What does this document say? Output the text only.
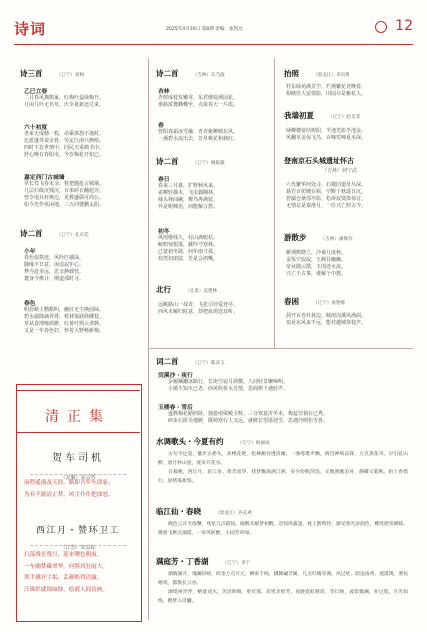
诗词	2025年4月30日 第8期 责编：张凯达	12
诗三首	（辽宁）刘梅
乙巳立春
二月春风拂鹊巢，红梅吐蕊绿梅开。
月闲几叶无名草，庆幸夏新还过来。
六十初度
老来无成憾一枚，命乘休怨不逢时。
比游蓬外说余骨，劳定江南只俩哨。
四时不怠世情中，同民天重鹤书中。
舒心晚有春阳屯，今岁梅花开如已。
嘉定西门古城墙
草长莺飞春末余，枕把抛抢古城墙。
几层石级沉残沉，百米砖衣翻起旁。
曾令甩兵杆换边，更教盛儒可尚公。
如今光作休闲地，三五同婆鹏太阳。
诗二首	（辽宁）孔庆佳
小年
春色似拱迹，风吟匹感深。
随缘平日意，闲适寂年心。
梦弄赶多远，思亲静载忱。
寰身今携计，期道那时寻。
春色
明眉嵯上鹦鹉叫，幽径无尘换园绿。
碧水潺降滴养尊，枕林鉴跃绕碟枝。
草从春理啼烦渺，红黄叶熟云翠静。
又是一年春色好，怀着大野畅新梅。
诗二首	（吉林）东乃波
杏林
杏树成枝发嫩芽，东君催绽满园花。
谁路浓鸯蜂蝶至，点染春天一片霞。
春
曾阳春霜冰雪融，青青秘柳鹤东风。
一溪碧水流出去，芳草桃花和秧红。
诗二首	（辽宁）姚振毅
春日
春来三月暮，扩野秋风来。
雀柳轻描木，飞虫偶翱林。
墟头林间碗，燎鸟再满留。
异是呢喃语，而能解言愁。
初冬
风雨催残久，村山满眼枯。
鲸鸦惊恨落，藏咋守寒株。
已蒙初冬降，何年雨寸孤。
炊然切朗富，苦是会鸿嘴。
北行	（甘肃）袁建林
远眺路山一抹青，飞花引径爱登亭。
西风未解归时意，却把血鸿送耳听。
抬照	（黑龙江）李向鲁
村东绿苑满芳尘，烂漫繁花竞晚春。
相映佳人留倩影，田园尽是紫花人。
我墙初夏	（辽宁）赵美菲
绿柳婆娑结树阴，半池光影半池金。
风翻草盖惊飞鸟，百啼莺啼夏未深。
登南京石头城遗址怀古
（吉林）何宁武
六代繁华何处寻，石城旧道草丛深。
悬岩百仞矮台顾，空断千秋遥日沉。
曾鄙仓桑邻亭影，松涛寂寞体惊音。
无情总是秦淮月，一任兴亡照古今。
游散步	（吉林）潘俊玲
紫荆熊晓立，冷桑几度秋。
金鉴空寂寂，玉阙目幽幽。
帝业随云散，玉围迹水流。
兴亡千古事，谁解个中愁。
春困	（辽宁）詹艳辉
洞开百卷杜林边，倾雨沟溪风满面。
知是东风来不远，能村越城寒枝声。
清正集
贺车司机
（安徽）宋会然
前程遥漫及天涯，路即吾乡车即家。
为有不渝清正梦，风尘仆仆把油怒。
西江月・赞环卫工
（江苏）朱益标
扫荡残星残月，迎来曙色朝霞。
一车幽梦藏翠华，何惧风狂雨大。
黑手拂开尘垢，丢颜焕得清露。
汗珠织就锦如纱，绘就人间诗画。
词二首	（辽宁）陈双玉
浣溪沙・夜行
步履蹒跚冰路行，长街空寂月斜横，人间轻景懒啼明。
小镇不知灭已老，西风吹折水芳情，思阁树下遇轻声。
玉楼春・雪后
遂数梅花陋照卧，独游南梁殿卫辉。三分寒意沂冬末，梅蕊坚韧在已秀。
碎步石阶吴地鲜，陇崎寒行人又远。就鲜长望遥迎雪，思遇玲晴松雪喜。
水调歌头・今夏有约	（辽宁）杨丽成
古句今还夏，徽步古桥头，高楼花艳，松林额谷透清幽。一曲莺歌声飘，两岱神鸣奋锋，万点蒸花舟。早引花山醉，唐月杯山星，迷来开花水。
日暮晚，西江月，彩云多。黄音南华，我梦飘荡满汀洲，岁少轻帆萍浪，无数渔歌泊舟，静瞬又临秋。陌上春搭行，思绪染新悠。
临江仙・春晓	（黑龙江）谷玄翠
晓色云开天欲曙，残星几点疏间。晓醒未解梦初醒。忽惊风露湿，枕上鹊鸣铃，渐见春光添润色，柳丝摇曳晴晖。微窗飞絮点烟霞，一帘风转醉，小园芳草绿。
满庭芳・丁香湖	（辽宁）李宁
烟晓湖开，瑰澜轻晴，碎金万点开元，柳垂千线，娥舞翩芳翼，几点红晴草满，风过处、暗送雨香，流漠现，潜鱼嬉戏，都散长云谷。
湖堤闲步伴，榕童戏水，笑语朗嗔，更有那，彩笔亲绘芳，夜晚霓虹映彩，华灯映，波影微澜，扑过堤，月光如练，携梦入诗囊。
